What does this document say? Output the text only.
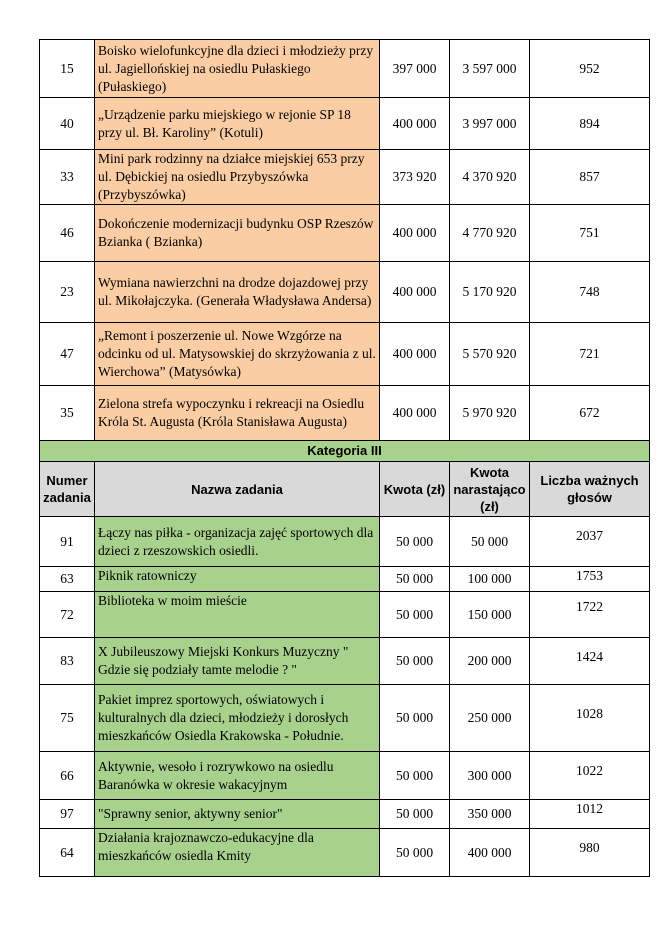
15	Boisko wielofunkcyjne dla dzieci i młodzieży przy ul. Jagiellońskiej na osiedlu Pułaskiego (Pułaskiego)	397 000	3 597 000	952
40	„Urządzenie parku miejskiego w rejonie SP 18 przy ul. Bł. Karoliny” (Kotuli)	400 000	3 997 000	894
33	Mini park rodzinny na działce miejskiej 653 przy ul. Dębickiej na osiedlu Przybyszówka (Przybyszówka)	373 920	4 370 920	857
46	Dokończenie modernizacji budynku OSP Rzeszów Bzianka ( Bzianka)	400 000	4 770 920	751
23	Wymiana nawierzchni na drodze dojazdowej przy ul. Mikołajczyka. (Generała Władysława Andersa)	400 000	5 170 920	748
47	„Remont i poszerzenie ul. Nowe Wzgórze na odcinku od ul. Matysowskiej do skrzyżowania z ul. Wierchowa” (Matysówka)	400 000	5 570 920	721
35	Zielona strefa wypoczynku i rekreacji na Osiedlu Króla St. Augusta (Króla Stanisława Augusta)	400 000	5 970 920	672
Kategoria III				
Numer zadania	Nazwa zadania	Kwota (zł)	Kwota narastająco (zł)	Liczba ważnych głosów
91	Łączy nas piłka - organizacja zajęć sportowych dla dzieci z rzeszowskich osiedli.	50 000	50 000	2037
63	Piknik ratowniczy	50 000	100 000	1753
72	Biblioteka w moim mieście	50 000	150 000	1722
83	X Jubileuszowy Miejski Konkurs Muzyczny " Gdzie się podziały tamte melodie ? "	50 000	200 000	1424
75	Pakiet imprez sportowych, oświatowych i kulturalnych dla dzieci, młodzieży i dorosłych mieszkańców Osiedla Krakowska - Południe.	50 000	250 000	1028
66	Aktywnie, wesoło i rozrywkowo na osiedlu Baranówka w okresie wakacyjnym	50 000	300 000	1022
97	"Sprawny senior, aktywny senior"	50 000	350 000	1012
64	Działania krajoznawczo-edukacyjne dla mieszkańców osiedla Kmity	50 000	400 000	980
